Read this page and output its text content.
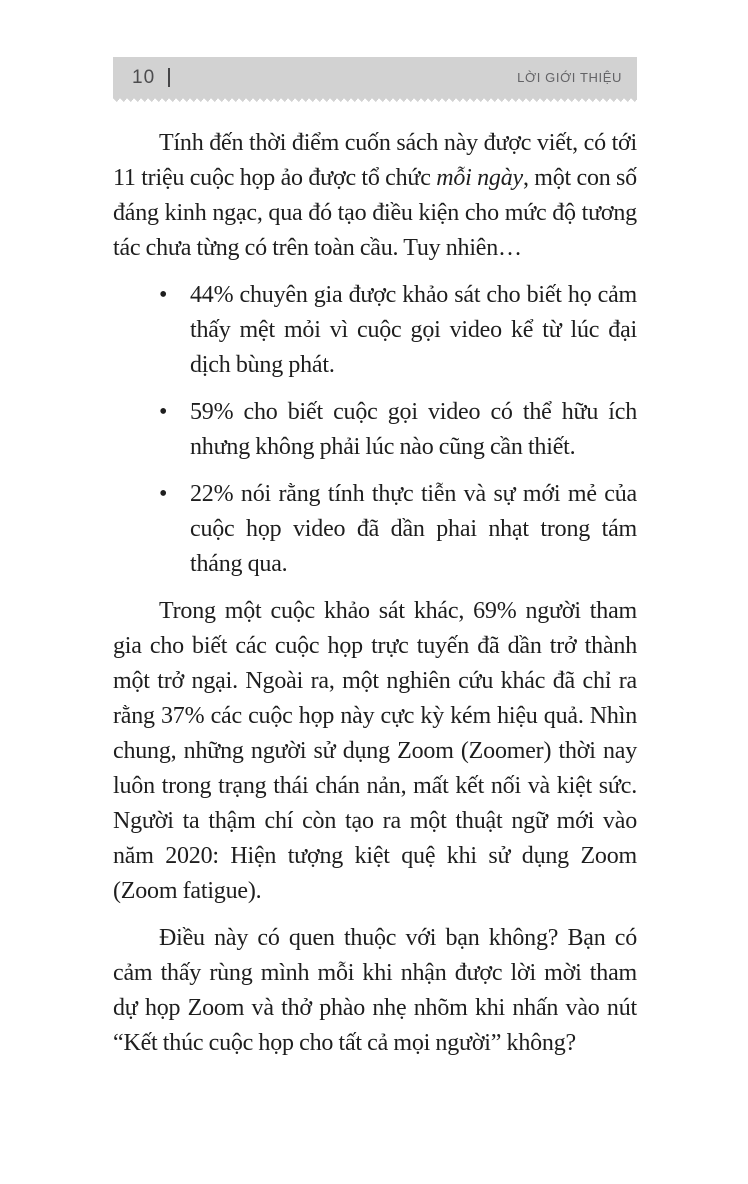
10	LỜI GIỚI THIỆU

Tính đến thời điểm cuốn sách này được viết, có tới 11 triệu cuộc họp ảo được tổ chức mỗi ngày, một con số đáng kinh ngạc, qua đó tạo điều kiện cho mức độ tương tác chưa từng có trên toàn cầu. Tuy nhiên…

• 44% chuyên gia được khảo sát cho biết họ cảm thấy mệt mỏi vì cuộc gọi video kể từ lúc đại dịch bùng phát.
• 59% cho biết cuộc gọi video có thể hữu ích nhưng không phải lúc nào cũng cần thiết.
• 22% nói rằng tính thực tiễn và sự mới mẻ của cuộc họp video đã dần phai nhạt trong tám tháng qua.

Trong một cuộc khảo sát khác, 69% người tham gia cho biết các cuộc họp trực tuyến đã dần trở thành một trở ngại. Ngoài ra, một nghiên cứu khác đã chỉ ra rằng 37% các cuộc họp này cực kỳ kém hiệu quả. Nhìn chung, những người sử dụng Zoom (Zoomer) thời nay luôn trong trạng thái chán nản, mất kết nối và kiệt sức. Người ta thậm chí còn tạo ra một thuật ngữ mới vào năm 2020: Hiện tượng kiệt quệ khi sử dụng Zoom (Zoom fatigue).

Điều này có quen thuộc với bạn không? Bạn có cảm thấy rùng mình mỗi khi nhận được lời mời tham dự họp Zoom và thở phào nhẹ nhõm khi nhấn vào nút “Kết thúc cuộc họp cho tất cả mọi người” không?
